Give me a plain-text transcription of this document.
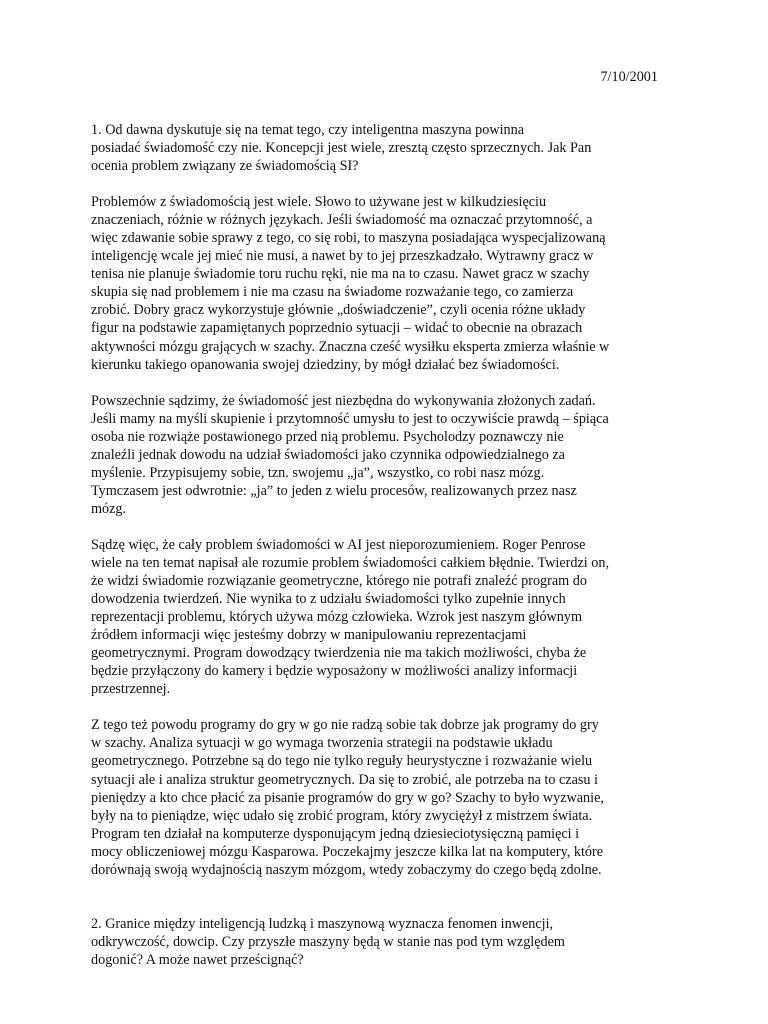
7/10/2001
1. Od dawna dyskutuje się na temat tego, czy inteligentna maszyna powinna
posiadać świadomość czy nie. Koncepcji jest wiele, zresztą często sprzecznych. Jak Pan
ocenia problem związany ze świadomością SI?
Problemów z świadomością jest wiele. Słowo to używane jest w kilkudziesięciu
znaczeniach, różnie w różnych językach. Jeśli świadomość ma oznaczać przytomność, a
więc zdawanie sobie sprawy z tego, co się robi, to maszyna posiadająca wyspecjalizowaną
inteligencję wcale jej mieć nie musi, a nawet by to jej przeszkadzało. Wytrawny gracz w
tenisa nie planuje świadomie toru ruchu ręki, nie ma na to czasu. Nawet gracz w szachy
skupia się nad problemem i nie ma czasu na świadome rozważanie tego, co zamierza
zrobić. Dobry gracz wykorzystuje głównie „doświadczenie”, czyli ocenia różne układy
figur na podstawie zapamiętanych poprzednio sytuacji – widać to obecnie na obrazach
aktywności mózgu grających w szachy. Znaczna cześć wysiłku eksperta zmierza właśnie w
kierunku takiego opanowania swojej dziedziny, by mógł działać bez świadomości.
Powszechnie sądzimy, że świadomość jest niezbędna do wykonywania złożonych zadań.
Jeśli mamy na myśli skupienie i przytomność umysłu to jest to oczywiście prawdą – śpiąca
osoba nie rozwiąże postawionego przed nią problemu. Psycholodzy poznawczy nie
znaleźli jednak dowodu na udział świadomości jako czynnika odpowiedzialnego za
myślenie. Przypisujemy sobie, tzn. swojemu „ja”, wszystko, co robi nasz mózg.
Tymczasem jest odwrotnie: „ja” to jeden z wielu procesów, realizowanych przez nasz
mózg.
Sądzę więc, że cały problem świadomości w AI jest nieporozumieniem. Roger Penrose
wiele na ten temat napisał ale rozumie problem świadomości całkiem błędnie. Twierdzi on,
że widzi świadomie rozwiązanie geometryczne, którego nie potrafi znaleźć program do
dowodzenia twierdzeń. Nie wynika to z udziału świadomości tylko zupełnie innych
reprezentacji problemu, których używa mózg człowieka. Wzrok jest naszym głównym
źródłem informacji więc jesteśmy dobrzy w manipulowaniu reprezentacjami
geometrycznymi. Program dowodzący twierdzenia nie ma takich możliwości, chyba że
będzie przyłączony do kamery i będzie wyposażony w możliwości analizy informacji
przestrzennej.
Z tego też powodu programy do gry w go nie radzą sobie tak dobrze jak programy do gry
w szachy. Analiza sytuacji w go wymaga tworzenia strategii na podstawie układu
geometrycznego. Potrzebne są do tego nie tylko reguły heurystyczne i rozważanie wielu
sytuacji ale i analiza struktur geometrycznych. Da się to zrobić, ale potrzeba na to czasu i
pieniędzy a kto chce płacić za pisanie programów do gry w go? Szachy to było wyzwanie,
były na to pieniądze, więc udało się zrobić program, który zwyciężył z mistrzem świata.
Program ten działał na komputerze dysponującym jedną dziesieciotysięczną pamięci i
mocy obliczeniowej mózgu Kasparowa. Poczekajmy jeszcze kilka lat na komputery, które
dorównają swoją wydajnością naszym mózgom, wtedy zobaczymy do czego będą zdolne.
2. Granice między inteligencją ludzką i maszynową wyznacza fenomen inwencji,
odkrywczość, dowcip. Czy przyszłe maszyny będą w stanie nas pod tym względem
dogonić? A może nawet prześcignąć?
